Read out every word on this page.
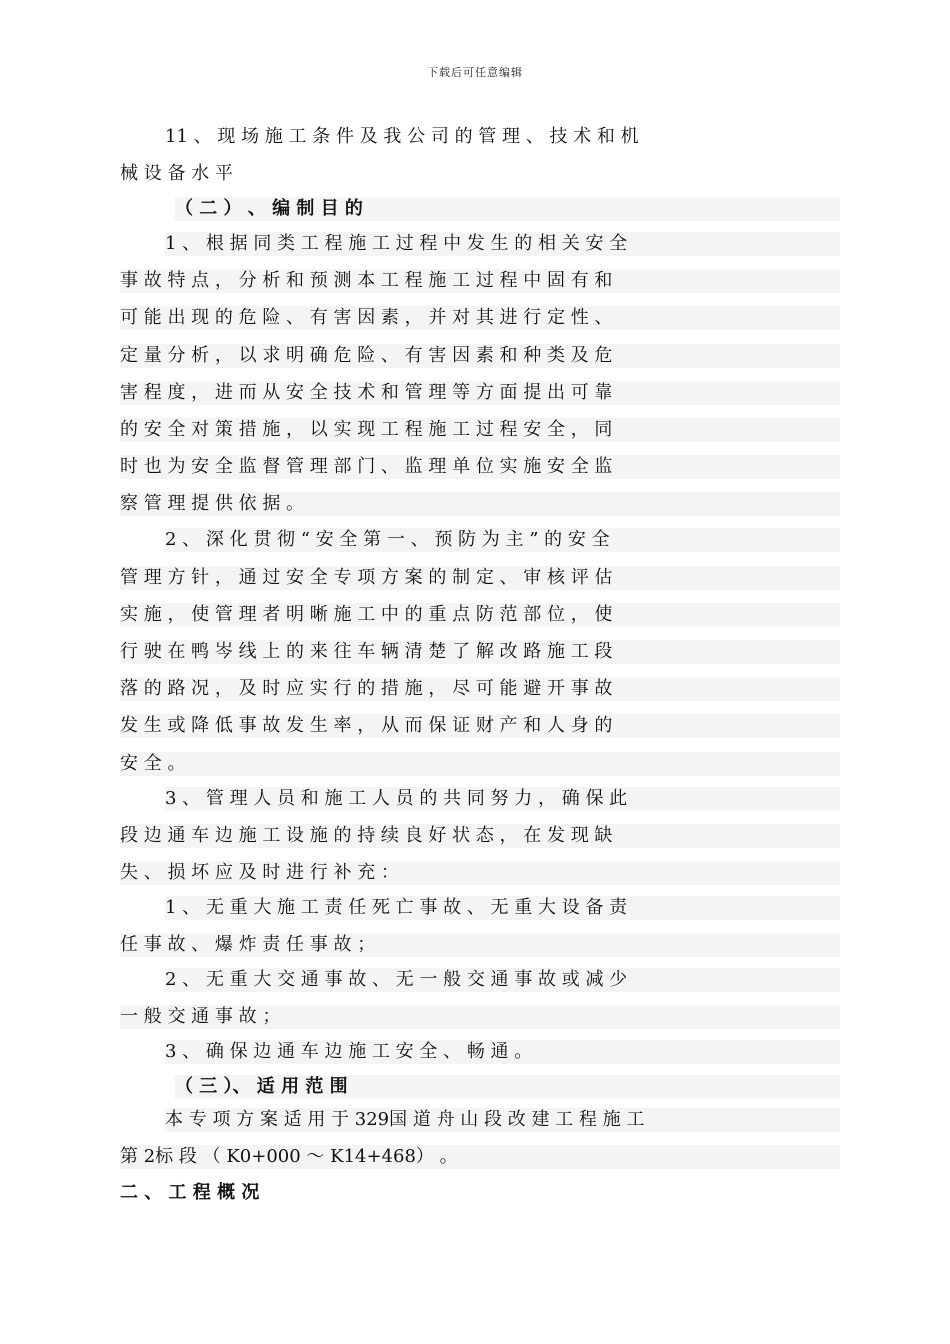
下载后可任意编辑
11 、 现 场 施 工 条 件 及 我 公 司 的 管 理 、 技 术 和 机
械 设 备 水 平
（ 二 ） 、 编 制 目 的
1 、 根 据 同 类 工 程 施 工 过 程 中 发 生 的 相 关 安 全
事 故 特 点 ， 分 析 和 预 测 本 工 程 施 工 过 程 中 固 有 和
可 能 出 现 的 危 险 、 有 害 因 素 ， 并 对 其 进 行 定 性 、
定 量 分 析 ， 以 求 明 确 危 险 、 有 害 因 素 和 种 类 及 危
害 程 度 ， 进 而 从 安 全 技 术 和 管 理 等 方 面 提 出 可 靠
的 安 全 对 策 措 施 ， 以 实 现 工 程 施 工 过 程 安 全 ， 同
时 也 为 安 全 监 督 管 理 部 门 、 监 理 单 位 实 施 安 全 监
察 管 理 提 供 依 据 。
2 、 深 化 贯 彻 “ 安 全 第 一 、 预 防 为 主 ” 的 安 全
管 理 方 针 ， 通 过 安 全 专 项 方 案 的 制 定 、 审 核 评 估
实 施 ， 使 管 理 者 明 晰 施 工 中 的 重 点 防 范 部 位 ， 使
行 驶 在 鸭 岑 线 上 的 来 往 车 辆 清 楚 了 解 改 路 施 工 段
落 的 路 况 ， 及 时 应 实 行 的 措 施 ， 尽 可 能 避 开 事 故
发 生 或 降 低 事 故 发 生 率 ， 从 而 保 证 财 产 和 人 身 的
安 全 。
3 、 管 理 人 员 和 施 工 人 员 的 共 同 努 力 ， 确 保 此
段 边 通 车 边 施 工 设 施 的 持 续 良 好 状 态 ， 在 发 现 缺
失 、 损 坏 应 及 时 进 行 补 充 ：
1 、 无 重 大 施 工 责 任 死 亡 事 故 、 无 重 大 设 备 责
任 事 故 、 爆 炸 责 任 事 故 ；
2 、 无 重 大 交 通 事 故 、 无 一 般 交 通 事 故 或 减 少
一 般 交 通 事 故 ；
3 、 确 保 边 通 车 边 施 工 安 全 、 畅 通 。
（ 三 ）、 适 用 范 围
本 专 项 方 案 适 用 于 329国 道 舟 山 段 改 建 工 程 施 工
第 2标 段 （ K0+000 ～ K14+468） 。
二 、 工 程 概 况
